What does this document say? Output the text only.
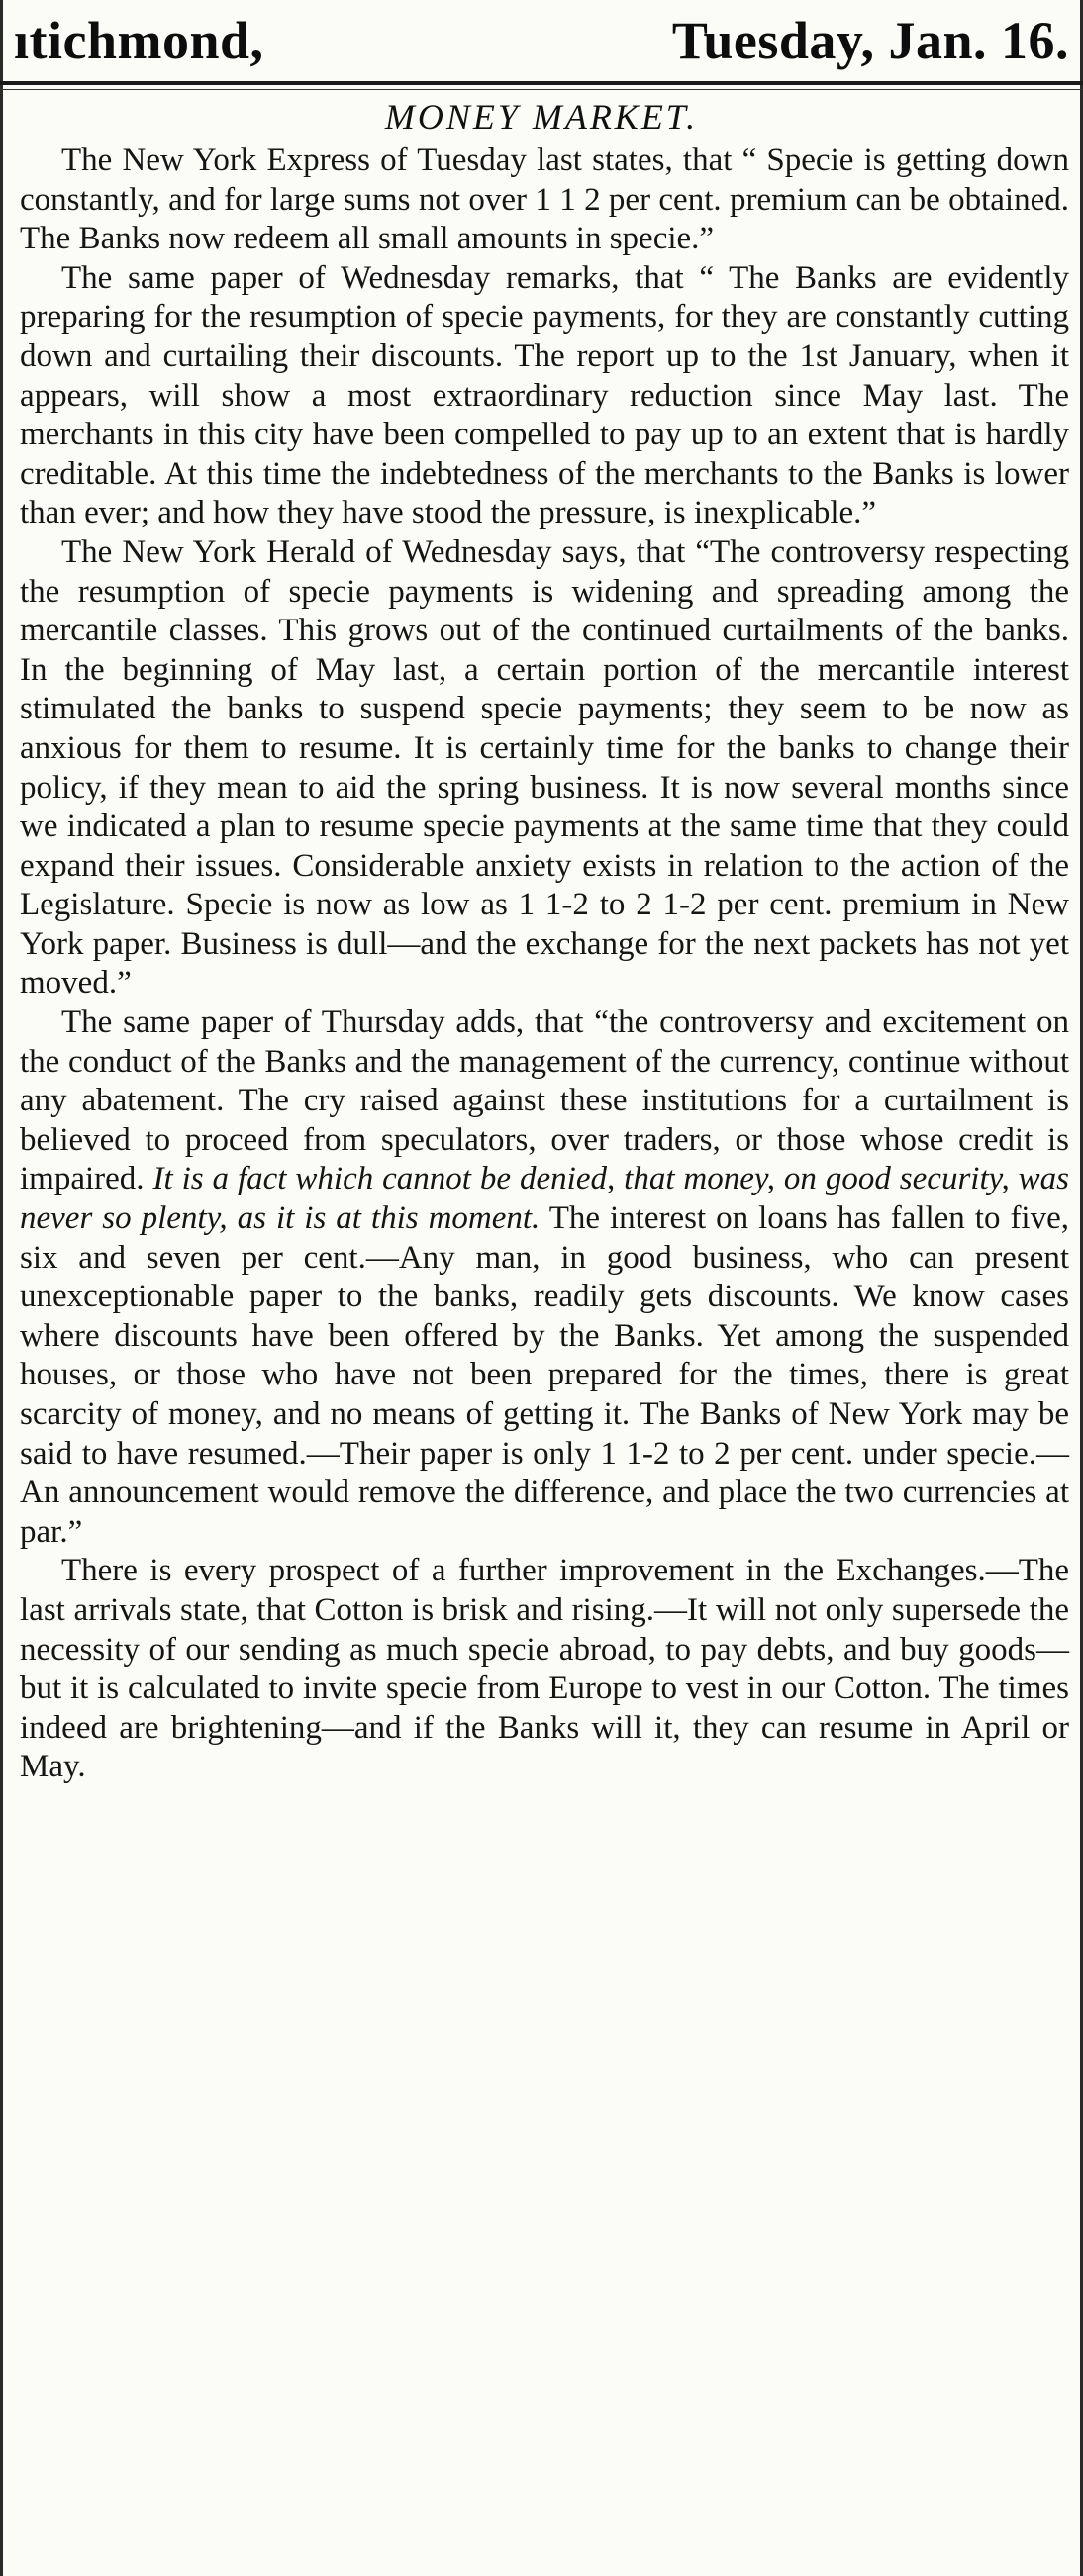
ıtichmond,	Tuesday, Jan. 16.
MONEY MARKET.

The New York Express of Tuesday last states, that “ Specie is getting down constantly, and for large sums not over 1 1 2 per cent. premium can be obtained. The Banks now redeem all small amounts in specie.”

The same paper of Wednesday remarks, that “ The Banks are evidently preparing for the resumption of specie payments, for they are constantly cutting down and curtailing their discounts. The report up to the 1st January, when it appears, will show a most extraordinary reduction since May last. The merchants in this city have been compelled to pay up to an extent that is hardly creditable. At this time the indebtedness of the merchants to the Banks is lower than ever; and how they have stood the pressure, is inexplicable.”

The New York Herald of Wednesday says, that “The controversy respecting the resumption of specie payments is widening and spreading among the mercantile classes. This grows out of the continued curtailments of the banks. In the beginning of May last, a certain portion of the mercantile interest stimulated the banks to suspend specie payments; they seem to be now as anxious for them to resume. It is certainly time for the banks to change their policy, if they mean to aid the spring business. It is now several months since we indicated a plan to resume specie payments at the same time that they could expand their issues. Considerable anxiety exists in relation to the action of the Legislature. Specie is now as low as 1 1-2 to 2 1-2 per cent. premium in New York paper. Business is dull—and the exchange for the next packets has not yet moved.”

The same paper of Thursday adds, that “the controversy and excitement on the conduct of the Banks and the management of the currency, continue without any abatement. The cry raised against these institutions for a curtailment is believed to proceed from speculators, over traders, or those whose credit is impaired. It is a fact which cannot be denied, that money, on good security, was never so plenty, as it is at this moment. The interest on loans has fallen to five, six and seven per cent.—Any man, in good business, who can present unexceptionable paper to the banks, readily gets discounts. We know cases where discounts have been offered by the Banks. Yet among the suspended houses, or those who have not been prepared for the times, there is great scarcity of money, and no means of getting it. The Banks of New York may be said to have resumed.—Their paper is only 1 1-2 to 2 per cent. under specie.—An announcement would remove the difference, and place the two currencies at par.”

There is every prospect of a further improvement in the Exchanges.—The last arrivals state, that Cotton is brisk and rising.—It will not only supersede the necessity of our sending as much specie abroad, to pay debts, and buy goods—but it is calculated to invite specie from Europe to vest in our Cotton. The times indeed are brightening—and if the Banks will it, they can resume in April or May.
